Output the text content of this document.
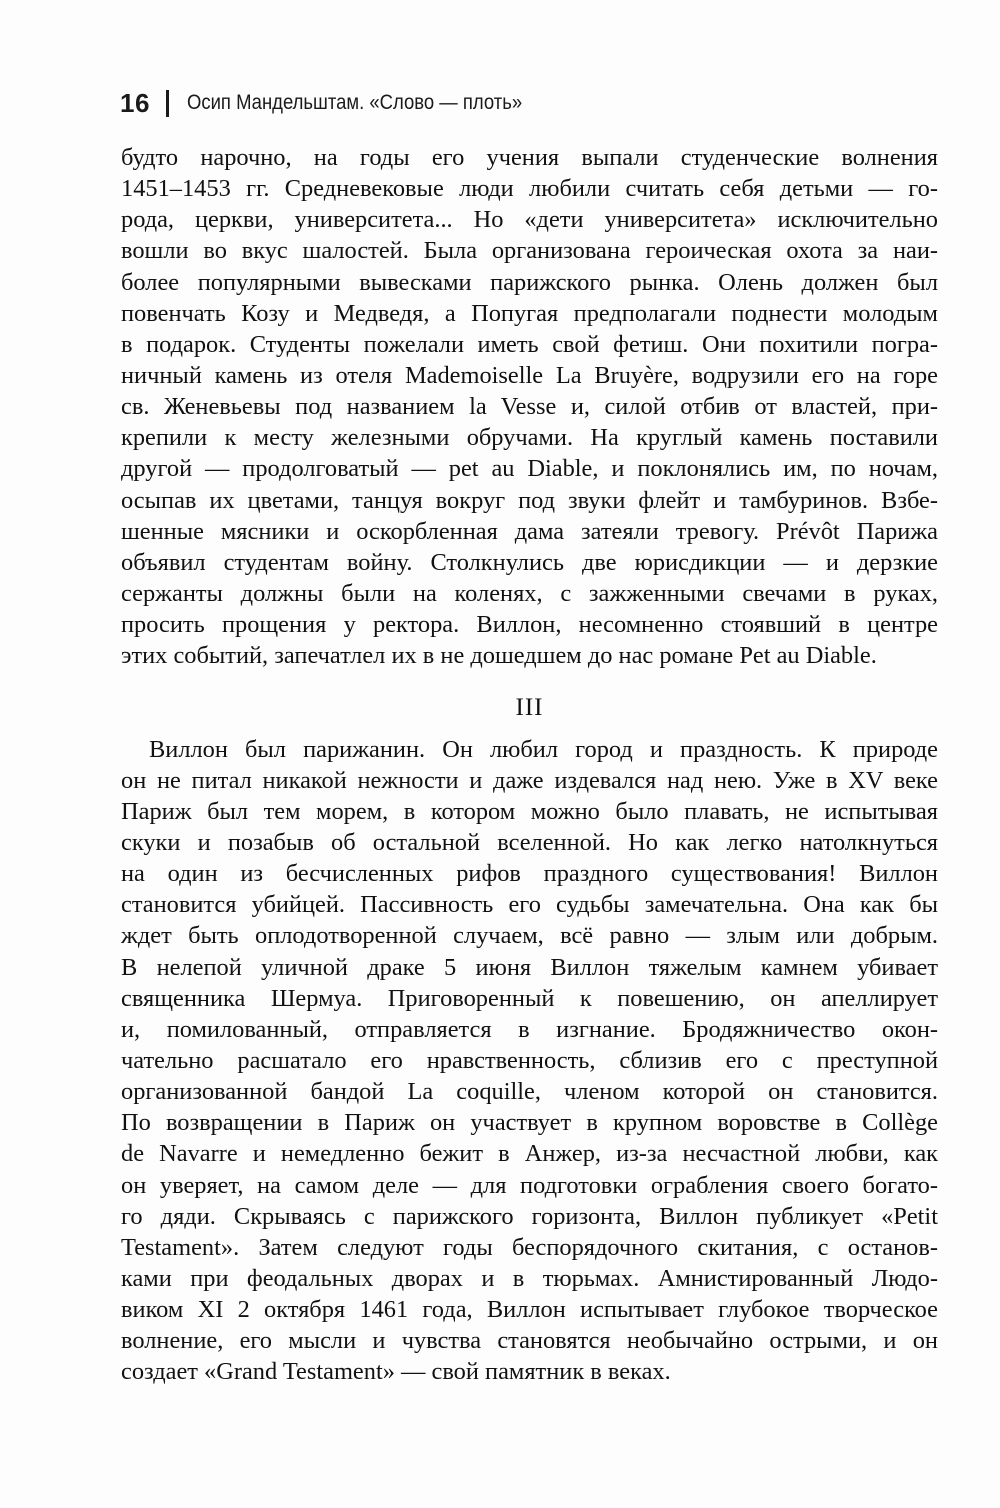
16 Осип Мандельштам. «Слово — плоть»
будто нарочно, на годы его учения выпали студенческие волнения
1451–1453 гг. Средневековые люди любили считать себя детьми — го-
рода, церкви, университета... Но «дети университета» исключительно
вошли во вкус шалостей. Была организована героическая охота за наи-
более популярными вывесками парижского рынка. Олень должен был
повенчать Козу и Медведя, а Попугая предполагали поднести молодым
в подарок. Студенты пожелали иметь свой фетиш. Они похитили погра-
ничный камень из отеля Mademoiselle La Bruyère, водрузили его на горе
св. Женевьевы под названием la Vesse и, силой отбив от властей, при-
крепили к месту железными обручами. На круглый камень поставили
другой — продолговатый — pet au Diable, и поклонялись им, по ночам,
осыпав их цветами, танцуя вокруг под звуки флейт и тамбуринов. Взбе-
шенные мясники и оскорбленная дама затеяли тревогу. Prévôt Парижа
объявил студентам войну. Столкнулись две юрисдикции — и дерзкие
сержанты должны были на коленях, с зажженными свечами в руках,
просить прощения у ректора. Виллон, несомненно стоявший в центре
этих событий, запечатлел их в не дошедшем до нас романе Pet au Diable.
III
Виллон был парижанин. Он любил город и праздность. К природе
он не питал никакой нежности и даже издевался над нею. Уже в XV веке
Париж был тем морем, в котором можно было плавать, не испытывая
скуки и позабыв об остальной вселенной. Но как легко натолкнуться
на один из бесчисленных рифов праздного существования! Виллон
становится убийцей. Пассивность его судьбы замечательна. Она как бы
ждет быть оплодотворенной случаем, всё равно — злым или добрым.
В нелепой уличной драке 5 июня Виллон тяжелым камнем убивает
священника Шермуа. Приговоренный к повешению, он апеллирует
и, помилованный, отправляется в изгнание. Бродяжничество окон-
чательно расшатало его нравственность, сблизив его с преступной
организованной бандой La coquille, членом которой он становится.
По возвращении в Париж он участвует в крупном воровстве в Collège
de Navarre и немедленно бежит в Анжер, из-за несчастной любви, как
он уверяет, на самом деле — для подготовки ограбления своего богато-
го дяди. Скрываясь с парижского горизонта, Виллон публикует «Petit
Testament». Затем следуют годы беспорядочного скитания, с останов-
ками при феодальных дворах и в тюрьмах. Амнистированный Людо-
виком XI 2 октября 1461 года, Виллон испытывает глубокое творческое
волнение, его мысли и чувства становятся необычайно острыми, и он
создает «Grand Testament» — свой памятник в веках.
